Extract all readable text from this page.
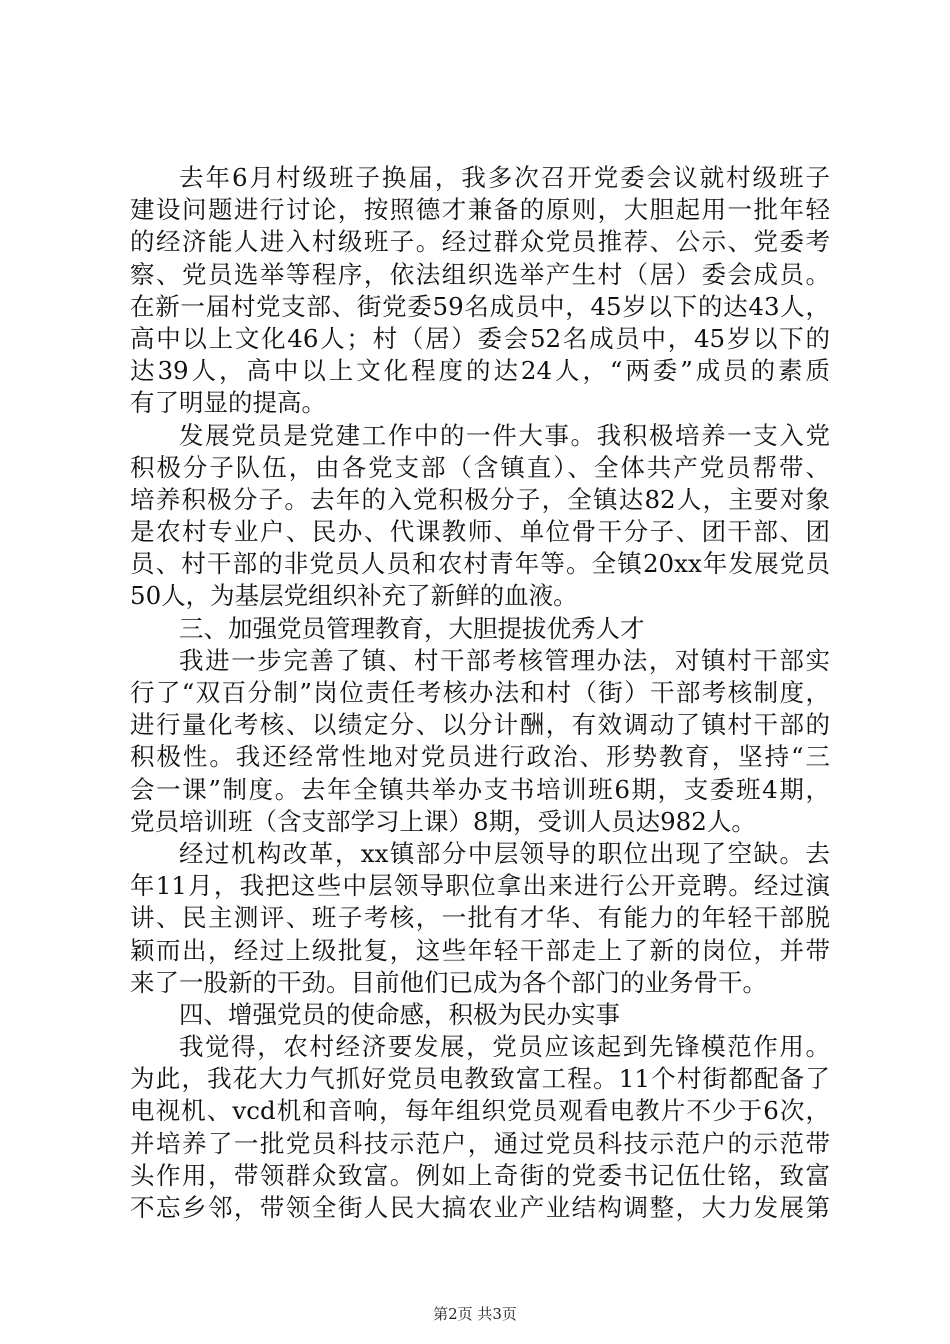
去年6月村级班子换届，我多次召开党委会议就村级班子
建设问题进行讨论，按照德才兼备的原则，大胆起用一批年轻
的经济能人进入村级班子。经过群众党员推荐、公示、党委考
察、党员选举等程序，依法组织选举产生村（居）委会成员。
在新一届村党支部、街党委59名成员中，45岁以下的达43人，
高中以上文化46人；村（居）委会52名成员中，45岁以下的
达39人，高中以上文化程度的达24人，“两委”成员的素质
有了明显的提高。
发展党员是党建工作中的一件大事。我积极培养一支入党
积极分子队伍，由各党支部（含镇直）、全体共产党员帮带、
培养积极分子。去年的入党积极分子，全镇达82人，主要对象
是农村专业户、民办、代课教师、单位骨干分子、团干部、团
员、村干部的非党员人员和农村青年等。全镇20xx年发展党员
50人，为基层党组织补充了新鲜的血液。
三、加强党员管理教育，大胆提拔优秀人才
我进一步完善了镇、村干部考核管理办法，对镇村干部实
行了“双百分制”岗位责任考核办法和村（街）干部考核制度，
进行量化考核、以绩定分、以分计酬，有效调动了镇村干部的
积极性。我还经常性地对党员进行政治、形势教育，坚持“三
会一课”制度。去年全镇共举办支书培训班6期，支委班4期，
党员培训班（含支部学习上课）8期，受训人员达982人。
经过机构改革，xx镇部分中层领导的职位出现了空缺。去
年11月，我把这些中层领导职位拿出来进行公开竞聘。经过演
讲、民主测评、班子考核，一批有才华、有能力的年轻干部脱
颖而出，经过上级批复，这些年轻干部走上了新的岗位，并带
来了一股新的干劲。目前他们已成为各个部门的业务骨干。
四、增强党员的使命感，积极为民办实事
我觉得，农村经济要发展，党员应该起到先锋模范作用。
为此，我花大力气抓好党员电教致富工程。11个村街都配备了
电视机、vcd机和音响，每年组织党员观看电教片不少于6次，
并培养了一批党员科技示范户，通过党员科技示范户的示范带
头作用，带领群众致富。例如上奇街的党委书记伍仕铭，致富
不忘乡邻，带领全街人民大搞农业产业结构调整，大力发展第
第2页 共3页
